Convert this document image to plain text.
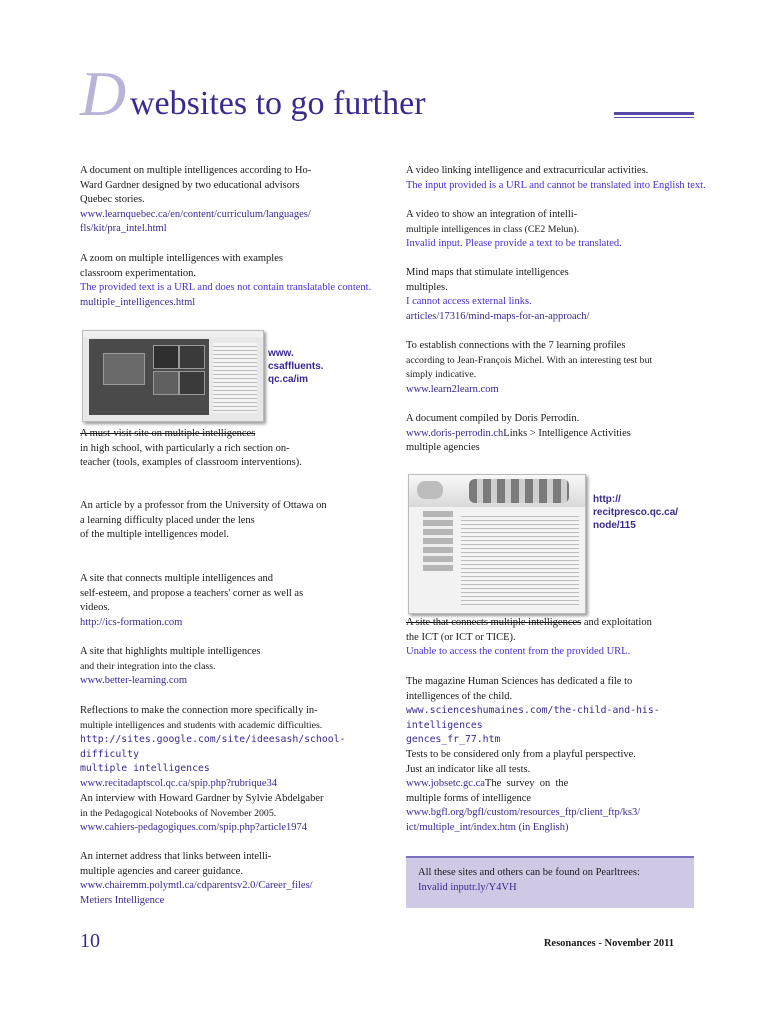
D websites to go further

A document on multiple intelligences according to Ho-

Ward Gardner designed by two educational advisors

Quebec stories.

www.learnquebec.ca/en/content/curriculum/languages/

fls/kit/pra_intel.html

A zoom on multiple intelligences with examples

classroom experimentation.

The provided text is a URL and does not contain translatable content.

multiple_intelligences.html

A must-visit site on multiple intelligences

in high school, with particularly a rich section on-

teacher (tools, examples of classroom interventions).

An article by a professor from the University of Ottawa on

a learning difficulty placed under the lens

of the multiple intelligences model.

A site that connects multiple intelligences and

self-esteem, and propose a teachers' corner as well as

videos.

http://ics-formation.com

A site that highlights multiple intelligences

and their integration into the class.

www.better-learning.com

Reflections to make the connection more specifically in-

multiple intelligences and students with academic difficulties.

http://sites.google.com/site/ideesash/school-difficulty

multiple intelligences

www.recitadaptscol.qc.ca/spip.php?rubrique34

An interview with Howard Gardner by Sylvie Abdelgaber

in the Pedagogical Notebooks of November 2005.

www.cahiers-pedagogiques.com/spip.php?article1974

An internet address that links between intelli-

multiple agencies and career guidance.

www.chairemm.polymtl.ca/cdparentsv2.0/Career_files/

Metiers Intelligence

www.
csaffluents.
qc.ca/im

A video linking intelligence and extracurricular activities.

The input provided is a URL and cannot be translated into English text.

A video to show an integration of intelli-

multiple intelligences in class (CE2 Melun).

Invalid input. Please provide a text to be translated.

Mind maps that stimulate intelligences

multiples.

I cannot access external links.

articles/17316/mind-maps-for-an-approach/

To establish connections with the 7 learning profiles

according to Jean-François Michel. With an interesting test but

simply indicative.

www.learn2learn.com

A document compiled by Doris Perrodin.

www.doris-perrodin.chLinks > Intelligence Activities

multiple agencies

A site that connects multiple intelligences and exploitation

the ICT (or ICT or TICE).

Unable to access the content from the provided URL.

The magazine Human Sciences has dedicated a file to

intelligences of the child.

www.scienceshumaines.com/the-child-and-his-intelligences

gences_fr_77.htm

Tests to be considered only from a playful perspective.

Just an indicator like all tests.

www.jobsetc.gc.caThe  survey  on  the

multiple forms of intelligence

www.bgfl.org/bgfl/custom/resources_ftp/client_ftp/ks3/

ict/multiple_int/index.htm (in English)

http://
recitpresco.qc.ca/
node/115

All these sites and others can be found on Pearltrees:

Invalid inputr.ly/Y4VH

10	Resonances - November 2011
